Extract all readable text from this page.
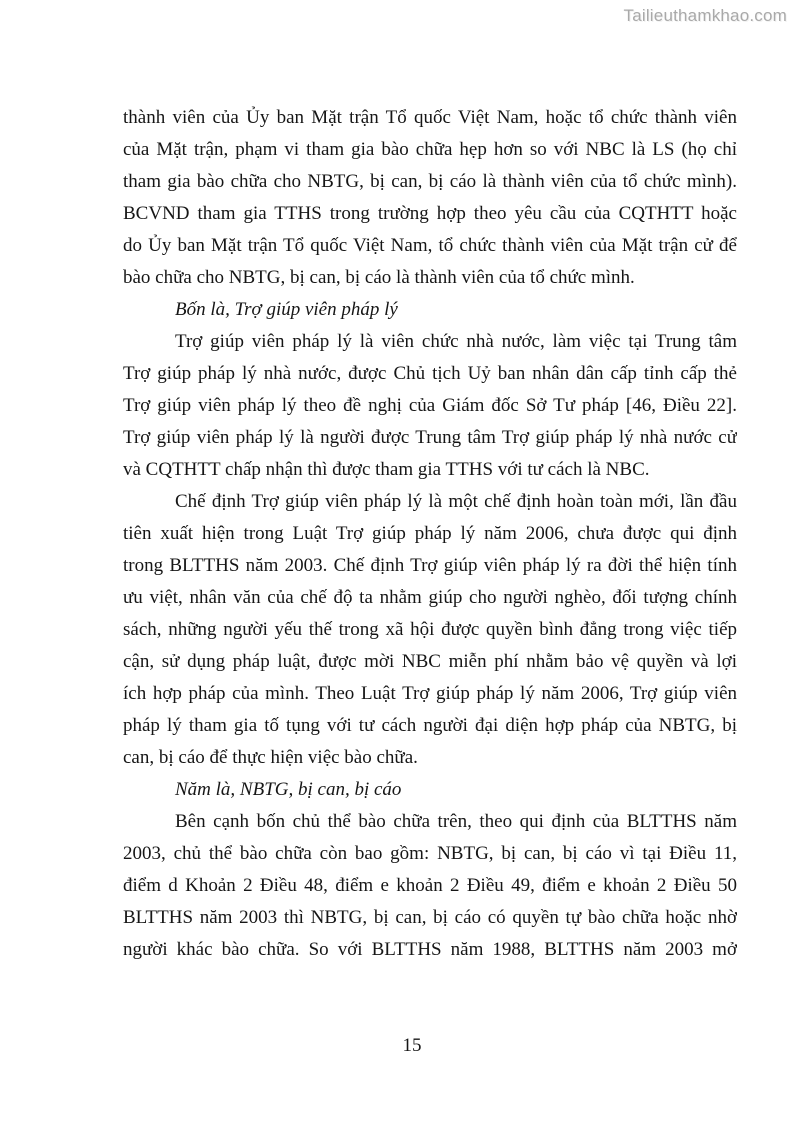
Tailieuthamkhao.com
thành viên của Ủy ban Mặt trận Tổ quốc Việt Nam, hoặc tổ chức thành viên
của Mặt trận, phạm vi tham gia bào chữa hẹp hơn so với NBC là LS (họ chỉ
tham gia bào chữa cho NBTG, bị can, bị cáo là thành viên của tổ chức mình).
BCVND tham gia TTHS trong trường hợp theo yêu cầu của CQTHTT hoặc
do Ủy ban Mặt trận Tổ quốc Việt Nam, tổ chức thành viên của Mặt trận cử để
bào chữa cho NBTG, bị can, bị cáo là thành viên của tổ chức mình.
Bốn là, Trợ giúp viên pháp lý
Trợ giúp viên pháp lý là viên chức nhà nước, làm việc tại Trung tâm
Trợ giúp pháp lý nhà nước, được Chủ tịch Uỷ ban nhân dân cấp tỉnh cấp thẻ
Trợ giúp viên pháp lý theo đề nghị của Giám đốc Sở Tư pháp [46, Điều 22].
Trợ giúp viên pháp lý là người được Trung tâm Trợ giúp pháp lý nhà nước cử
và CQTHTT chấp nhận thì được tham gia TTHS với tư cách là NBC.
Chế định Trợ giúp viên pháp lý là một chế định hoàn toàn mới, lần đầu
tiên xuất hiện trong Luật Trợ giúp pháp lý năm 2006, chưa được qui định
trong BLTTHS năm 2003. Chế định Trợ giúp viên pháp lý ra đời thể hiện tính
ưu việt, nhân văn của chế độ ta nhằm giúp cho người nghèo, đối tượng chính
sách, những người yếu thế trong xã hội được quyền bình đẳng trong việc tiếp
cận, sử dụng pháp luật, được mời NBC miễn phí nhằm bảo vệ quyền và lợi
ích hợp pháp của mình. Theo Luật Trợ giúp pháp lý năm 2006, Trợ giúp viên
pháp lý tham gia tố tụng với tư cách người đại diện hợp pháp của NBTG, bị
can, bị cáo để thực hiện việc bào chữa.
Năm là, NBTG, bị can, bị cáo
Bên cạnh bốn chủ thể bào chữa trên, theo qui định của BLTTHS năm
2003, chủ thể bào chữa còn bao gồm: NBTG, bị can, bị cáo vì tại Điều 11,
điểm d Khoản 2 Điều 48, điểm e khoản 2 Điều 49, điểm e khoản 2 Điều 50
BLTTHS năm 2003 thì NBTG, bị can, bị cáo có quyền tự bào chữa hoặc nhờ
người khác bào chữa. So với BLTTHS năm 1988, BLTTHS năm 2003 mở
15
